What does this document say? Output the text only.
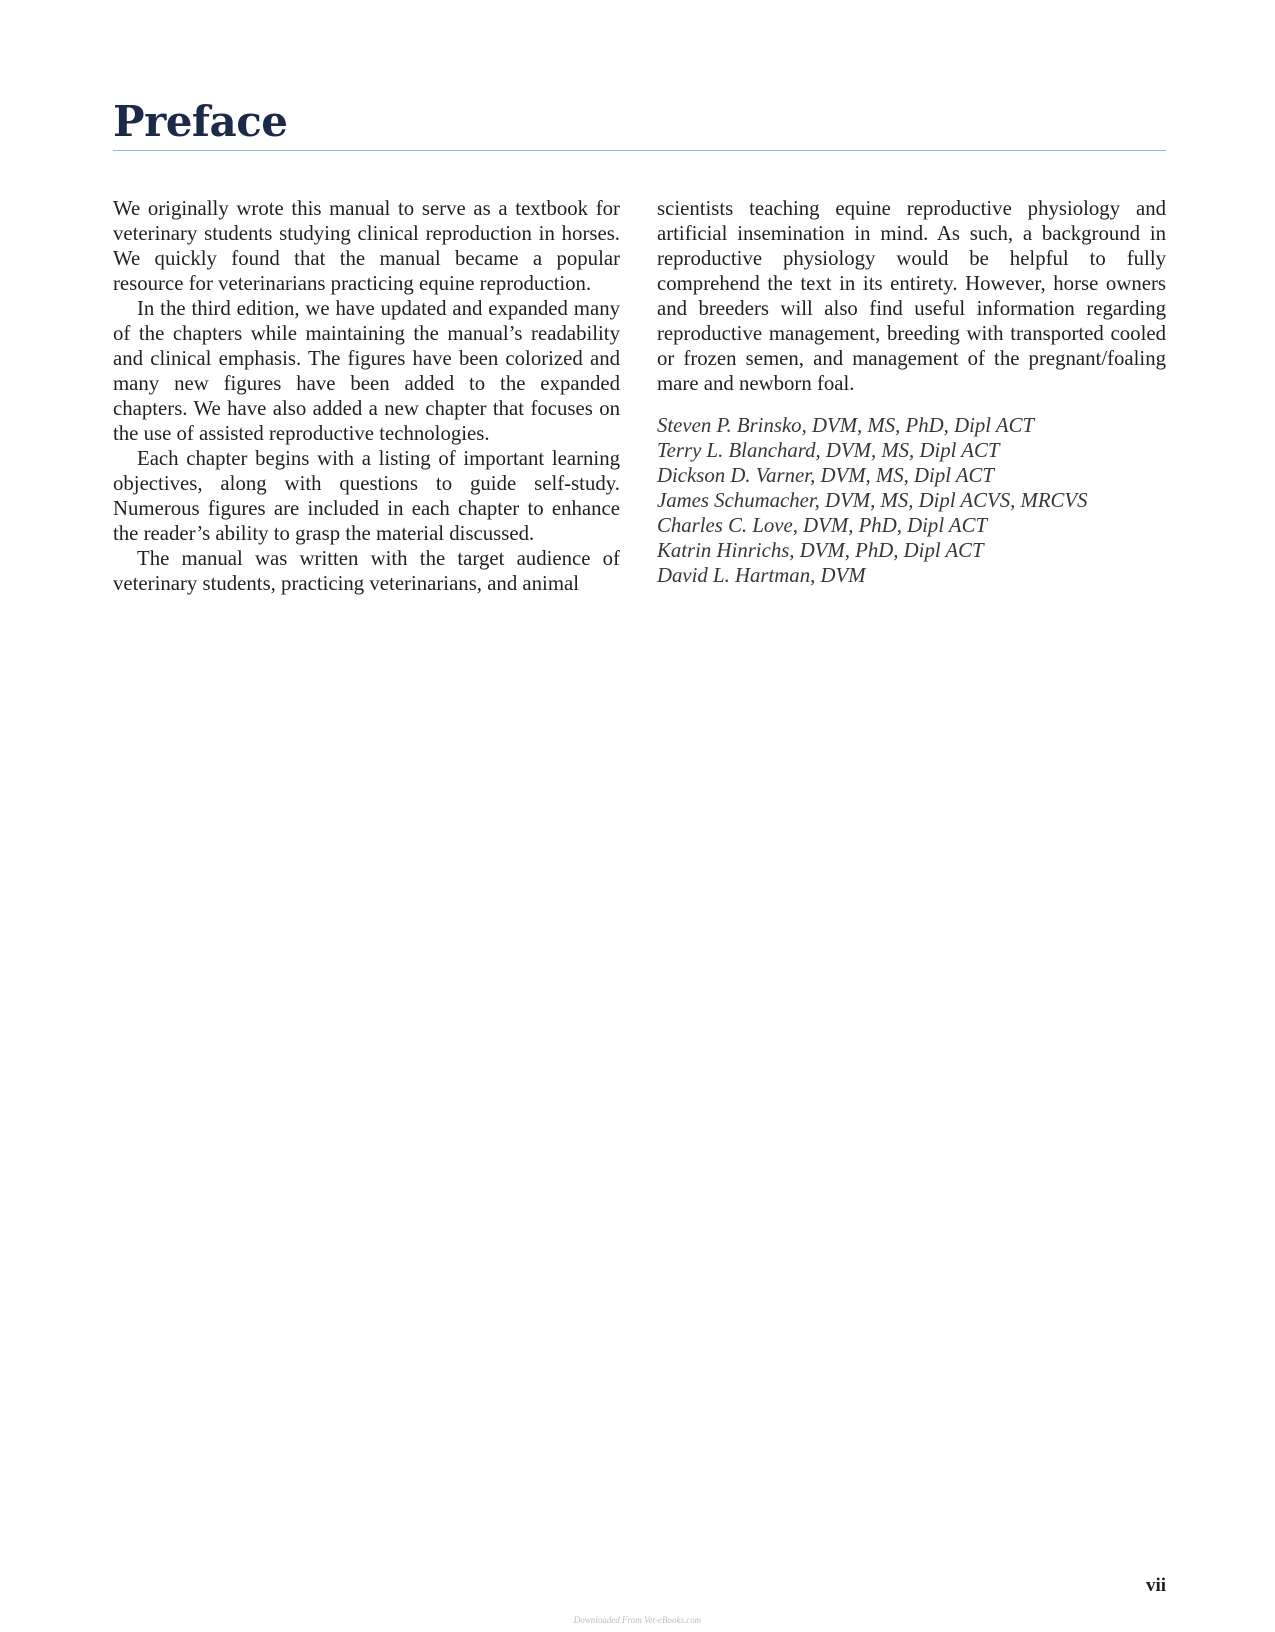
Preface

We originally wrote this manual to serve as a textbook for veterinary students studying clinical reproduction in horses. We quickly found that the manual became a popular resource for veterinarians practicing equine reproduction.

In the third edition, we have updated and expanded many of the chapters while maintaining the manual’s readability and clinical emphasis. The figures have been colorized and many new figures have been added to the expanded chapters. We have also added a new chapter that focuses on the use of assisted reproductive technologies.

Each chapter begins with a listing of important learning objectives, along with questions to guide self-study. Numerous figures are included in each chapter to enhance the reader’s ability to grasp the material discussed.

The manual was written with the target audience of veterinary students, practicing veterinarians, and animal

scientists teaching equine reproductive physiology and artificial insemination in mind. As such, a background in reproductive physiology would be helpful to fully comprehend the text in its entirety. However, horse owners and breeders will also find useful information regarding reproductive management, breeding with transported cooled or frozen semen, and management of the pregnant/foaling mare and newborn foal.

Steven P. Brinsko, DVM, MS, PhD, Dipl ACT
Terry L. Blanchard, DVM, MS, Dipl ACT
Dickson D. Varner, DVM, MS, Dipl ACT
James Schumacher, DVM, MS, Dipl ACVS, MRCVS
Charles C. Love, DVM, PhD, Dipl ACT
Katrin Hinrichs, DVM, PhD, Dipl ACT
David L. Hartman, DVM
vii
Downloaded From Vet-eBooks.com
